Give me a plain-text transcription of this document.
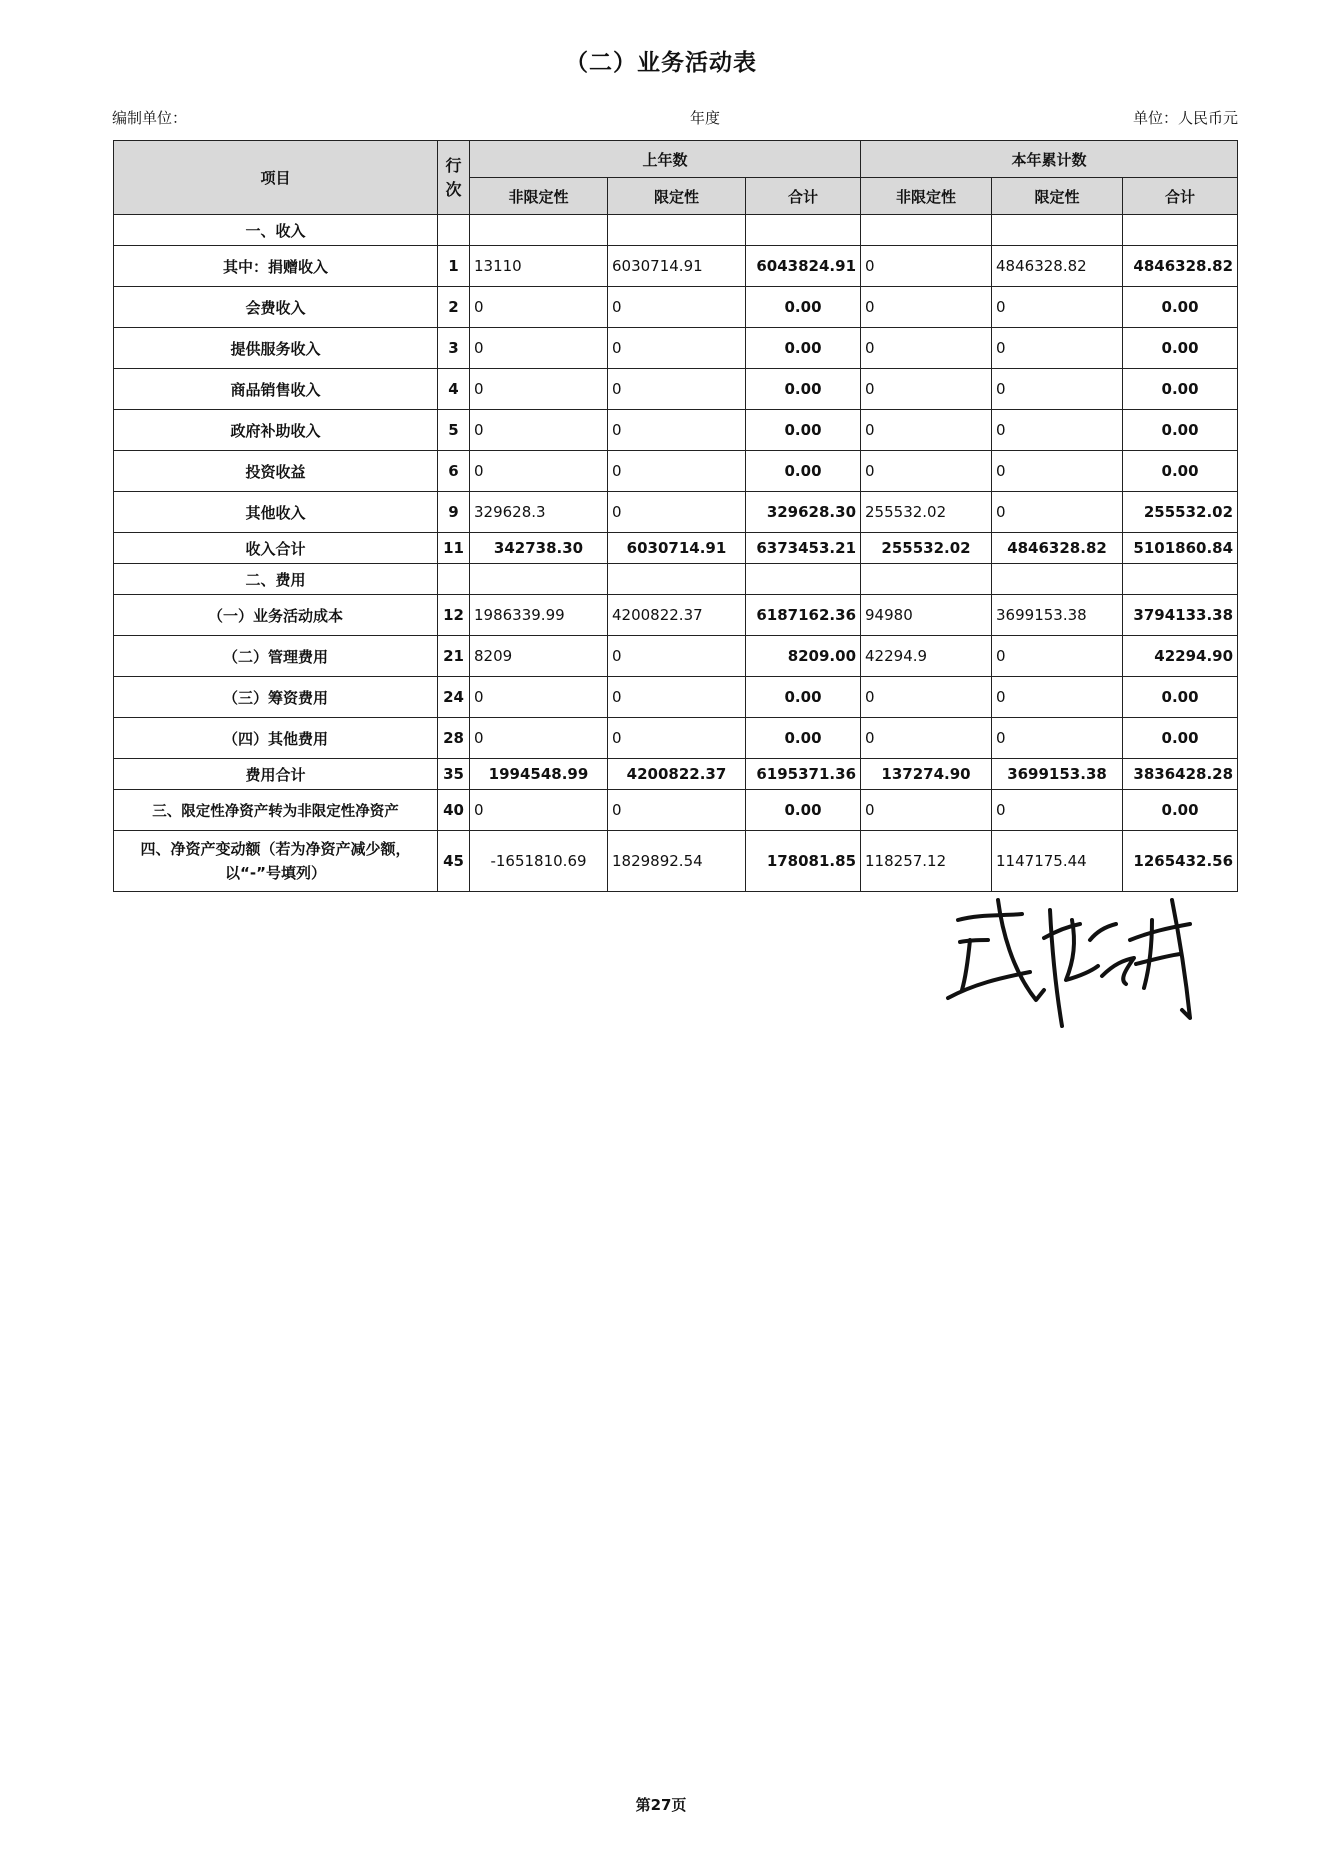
（二）业务活动表
编制单位：	年度	单位：人民币元
项目	行次	上年数			本年累计数		
		非限定性	限定性	合计	非限定性	限定性	合计
一、收入							
其中：捐赠收入	1	13110	6030714.91	6043824.91	0	4846328.82	4846328.82
会费收入	2	0	0	0.00	0	0	0.00
提供服务收入	3	0	0	0.00	0	0	0.00
商品销售收入	4	0	0	0.00	0	0	0.00
政府补助收入	5	0	0	0.00	0	0	0.00
投资收益	6	0	0	0.00	0	0	0.00
其他收入	9	329628.3	0	329628.30	255532.02	0	255532.02
收入合计	11	342738.30	6030714.91	6373453.21	255532.02	4846328.82	5101860.84
二、费用							
（一）业务活动成本	12	1986339.99	4200822.37	6187162.36	94980	3699153.38	3794133.38
（二）管理费用	21	8209	0	8209.00	42294.9	0	42294.90
（三）筹资费用	24	0	0	0.00	0	0	0.00
（四）其他费用	28	0	0	0.00	0	0	0.00
费用合计	35	1994548.99	4200822.37	6195371.36	137274.90	3699153.38	3836428.28
三、限定性净资产转为非限定性净资产	40	0	0	0.00	0	0	0.00
四、净资产变动额（若为净资产减少额，以“-”号填列）	45	-1651810.69	1829892.54	178081.85	118257.12	1147175.44	1265432.56
第27页
